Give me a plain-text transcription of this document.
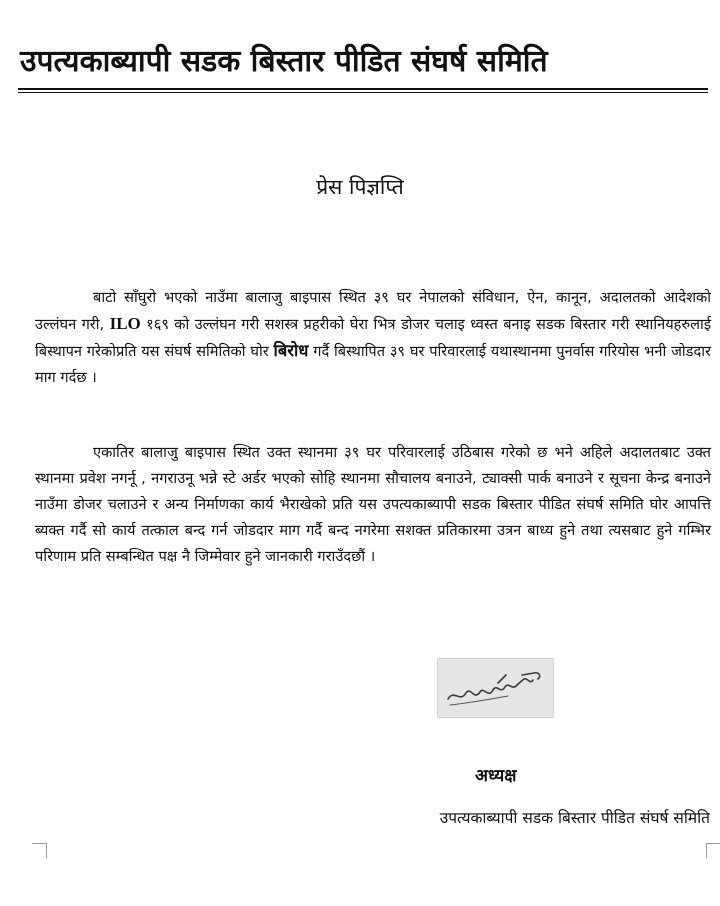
उपत्यकाब्यापी सडक बिस्तार पीडित संघर्ष समिति
प्रेस पिज्ञप्ति

बाटो साँघुरो भएको नाउँमा बालाजु बाइपास स्थित ३९ घर नेपालको संविधान, ऐन, कानून, अदालतको आदेशको उल्लंघन गरी, ILO १६९ को उल्लंघन गरी सशस्त्र प्रहरीको घेरा भित्र डोजर चलाइ ध्वस्त बनाइ सडक बिस्तार गरी स्थानियहरुलाई बिस्थापन गरेकोप्रति यस संघर्ष समितिको घोर बिरोध गर्दै बिस्थापित ३९ घर परिवारलाई यथास्थानमा पुनर्वास गरियोस भनी जोडदार माग गर्दछ ।

एकातिर बालाजु बाइपास स्थित उक्त स्थानमा ३९ घर परिवारलाई उठिबास गरेको छ भने अहिले अदालतबाट उक्त स्थानमा प्रवेश नगर्नू , नगराउनू भन्ने स्टे अर्डर भएको सोहि स्थानमा सौचालय बनाउने, ट्याक्सी पार्क बनाउने र सूचना केन्द्र बनाउने नाउँमा डोजर चलाउने र अन्य निर्माणका कार्य भैराखेको प्रति यस उपत्यकाब्यापी सडक बिस्तार पीडित संघर्ष समिति घोर आपत्ति ब्यक्त गर्दै सो कार्य तत्काल बन्द गर्न जोडदार माग गर्दै बन्द नगरेमा सशक्त प्रतिकारमा उत्रन बाध्य हुने तथा त्यसबाट हुने गम्भिर परिणाम प्रति सम्बन्धित पक्ष नै जिम्मेवार हुने जानकारी गराउँदछौं ।

अध्यक्ष
उपत्यकाब्यापी सडक बिस्तार पीडित संघर्ष समिति
